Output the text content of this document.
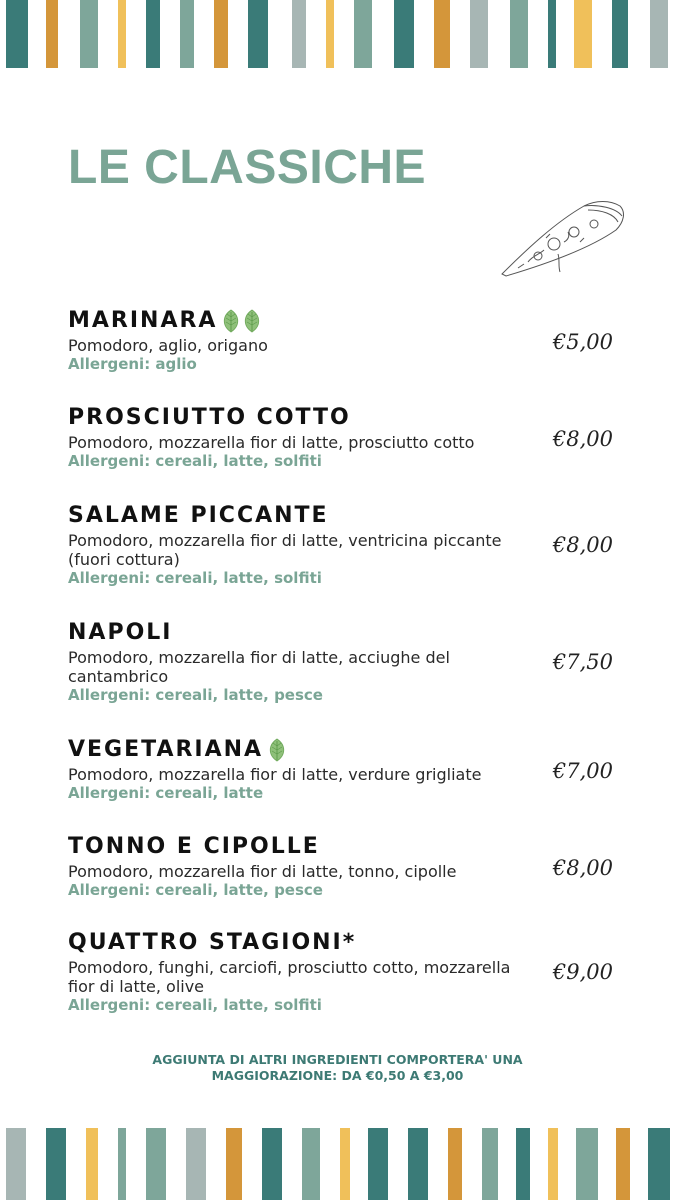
LE CLASSICHE
MARINARA
Pomodoro, aglio, origano
Allergeni: aglio
€5,00
PROSCIUTTO COTTO
Pomodoro, mozzarella fior di latte, prosciutto cotto
Allergeni: cereali, latte, solfiti
€8,00
SALAME PICCANTE
Pomodoro, mozzarella fior di latte, ventricina piccante (fuori cottura)
Allergeni: cereali, latte, solfiti
€8,00
NAPOLI
Pomodoro, mozzarella fior di latte, acciughe del cantambrico
Allergeni: cereali, latte, pesce
€7,50
VEGETARIANA
Pomodoro, mozzarella fior di latte, verdure grigliate
Allergeni: cereali, latte
€7,00
TONNO E CIPOLLE
Pomodoro, mozzarella fior di latte, tonno, cipolle
Allergeni: cereali, latte, pesce
€8,00
QUATTRO STAGIONI*
Pomodoro, funghi, carciofi, prosciutto cotto, mozzarella fior di latte, olive
Allergeni: cereali, latte, solfiti
€9,00
AGGIUNTA DI ALTRI INGREDIENTI COMPORTERA' UNA
MAGGIORAZIONE: DA €0,50 A €3,00
